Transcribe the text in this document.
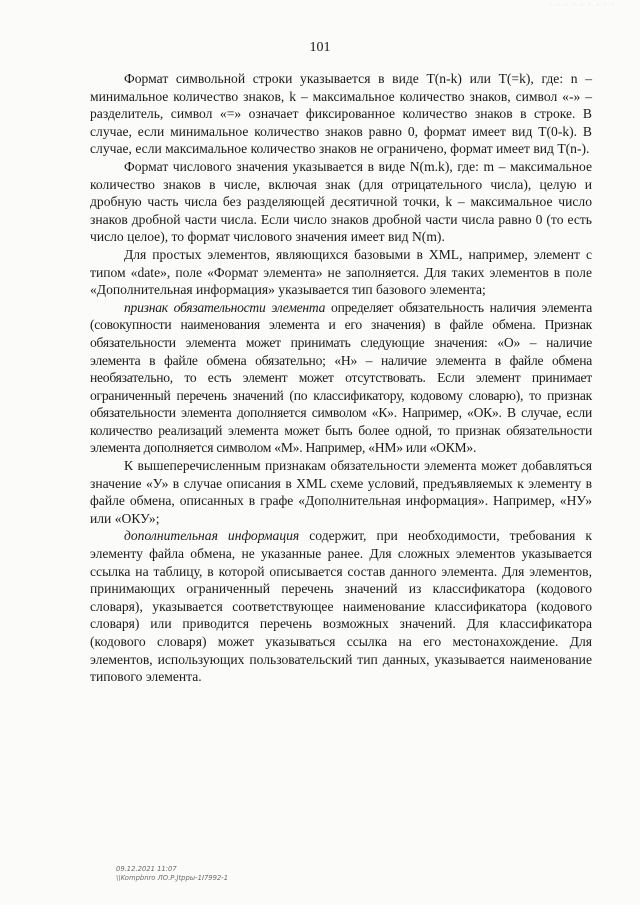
· · · · · · · · ·
101

Формат символьной строки указывается в виде T(n-k) или T(=k), где: n – минимальное количество знаков, k – максимальное количество знаков, символ «-» – разделитель, символ «=» означает фиксированное количество знаков в строке. В случае, если минимальное количество знаков равно 0, формат имеет вид T(0-k). В случае, если максимальное количество знаков не ограничено, формат имеет вид T(n-).

Формат числового значения указывается в виде N(m.k), где: m – максимальное количество знаков в числе, включая знак (для отрицательного числа), целую и дробную часть числа без разделяющей десятичной точки, k – максимальное число знаков дробной части числа. Если число знаков дробной части числа равно 0 (то есть число целое), то формат числового значения имеет вид N(m).

Для простых элементов, являющихся базовыми в XML, например, элемент с типом «date», поле «Формат элемента» не заполняется. Для таких элементов в поле «Дополнительная информация» указывается тип базового элемента;

признак обязательности элемента определяет обязательность наличия элемента (совокупности наименования элемента и его значения) в файле обмена. Признак обязательности элемента может принимать следующие значения: «О» – наличие элемента в файле обмена обязательно; «Н» – наличие элемента в файле обмена необязательно, то есть элемент может отсутствовать. Если элемент принимает ограниченный перечень значений (по классификатору, кодовому словарю), то признак обязательности элемента дополняется символом «К». Например, «ОК». В случае, если количество реализаций элемента может быть более одной, то признак обязательности элемента дополняется символом «М». Например, «НМ» или «ОКМ».

К вышеперечисленным признакам обязательности элемента может добавляться значение «У» в случае описания в XML схеме условий, предъявляемых к элементу в файле обмена, описанных в графе «Дополнительная информация». Например, «НУ» или «ОКУ»;

дополнительная информация содержит, при необходимости, требования к элементу файла обмена, не указанные ранее. Для сложных элементов указывается ссылка на таблицу, в которой описывается состав данного элемента. Для элементов, принимающих ограниченный перечень значений из классификатора (кодового словаря), указывается соответствующее наименование классификатора (кодового словаря) или приводится перечень возможных значений. Для классификатора (кодового словаря) может указываться ссылка на его местонахождение. Для элементов, использующих пользовательский тип данных, указывается наименование типового элемента.

09.12.2021 11:07
\\Kompbnro ЛО.Р.Jtрpы-1I7992-1
